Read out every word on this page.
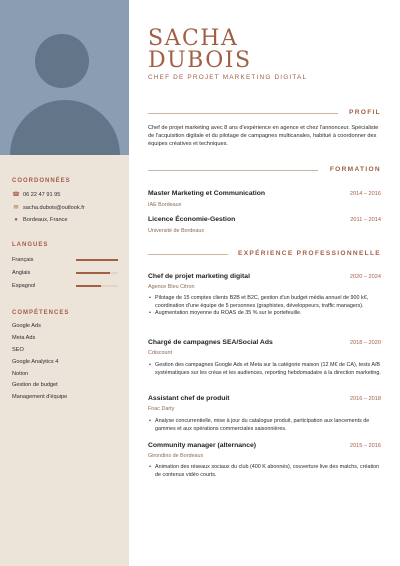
COORDONNÉES
☎ 06 22 47 91 95
✉ sacha.dubois@outlook.fr
● Bordeaux, France
LANGUES
Français
Anglais
Espagnol
COMPÉTENCES
Google Ads
Meta Ads
SEO
Google Analytics 4
Notion
Gestion de budget
Management d'équipe
SACHA
DUBOIS
CHEF DE PROJET MARKETING DIGITAL
PROFIL
Chef de projet marketing avec 8 ans d'expérience en agence et chez l'annonceur. Spécialiste de l'acquisition digitale et du pilotage de campagnes multicanales, habitué à coordonner des équipes créatives et techniques.
FORMATION
Master Marketing et Communication	2014 – 2016
IAE Bordeaux
Licence Économie-Gestion	2011 – 2014
Université de Bordeaux
EXPÉRIENCE PROFESSIONNELLE
Chef de projet marketing digital	2020 – 2024
Agence Bleu Citron
• Pilotage de 15 comptes clients B2B et B2C, gestion d'un budget média annuel de 900 k€, coordination d'une équipe de 5 personnes (graphistes, développeurs, traffic managers).
• Augmentation moyenne du ROAS de 35 % sur le portefeuille.
Chargé de campagnes SEA/Social Ads	2018 – 2020
Cdiscount
• Gestion des campagnes Google Ads et Meta sur la catégorie maison (12 M€ de CA), tests A/B systématiques sur les créas et les audiences, reporting hebdomadaire à la direction marketing.
Assistant chef de produit	2016 – 2018
Fnac Darty
• Analyse concurrentielle, mise à jour du catalogue produit, participation aux lancements de gammes et aux opérations commerciales saisonnières.
Community manager (alternance)	2015 – 2016
Girondins de Bordeaux
• Animation des réseaux sociaux du club (400 K abonnés), couverture live des matchs, création de contenus vidéo courts.
